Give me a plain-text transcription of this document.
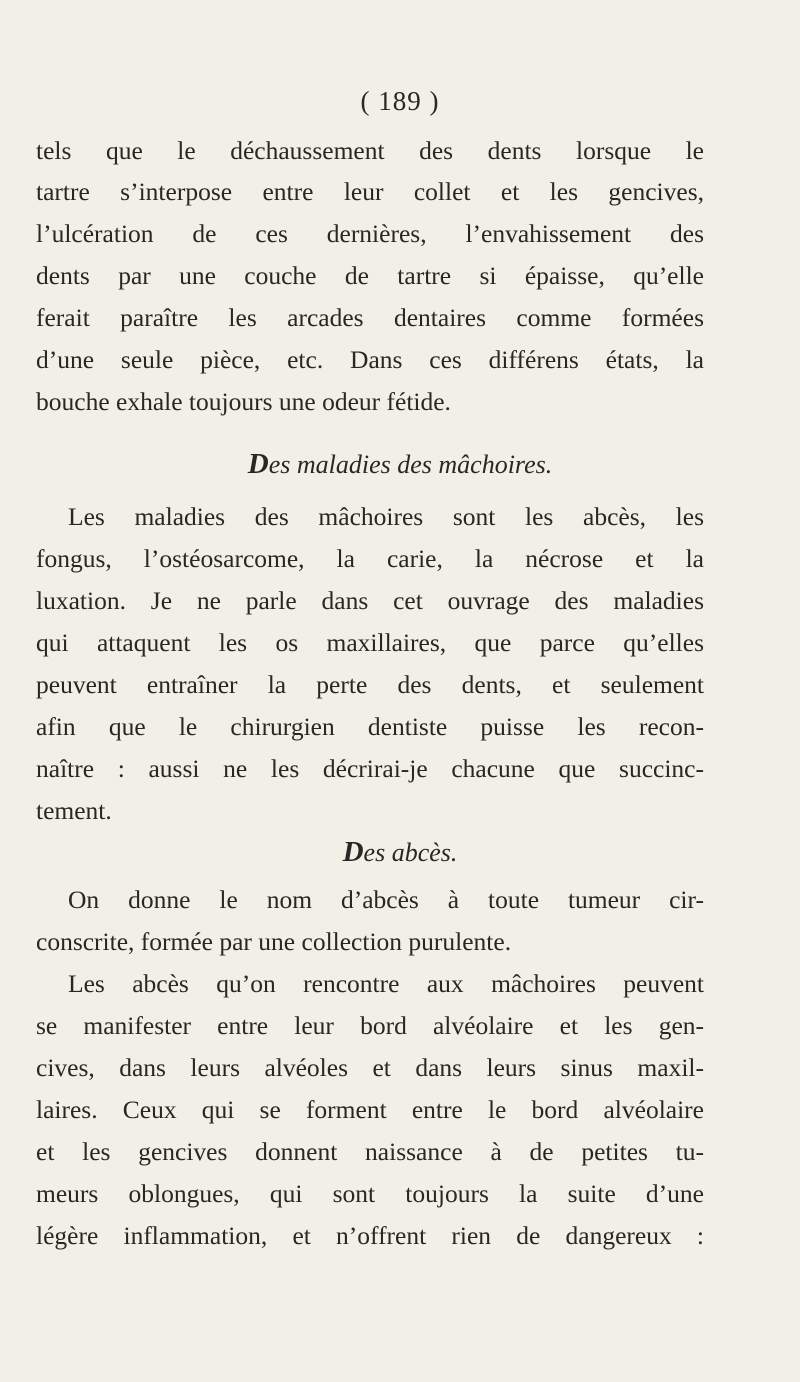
( 189 )
tels que le déchaussement des dents lorsque le
tartre s’interpose entre leur collet et les gencives,
l’ulcération de ces dernières, l’envahissement des
dents par une couche de tartre si épaisse, qu’elle
ferait paraître les arcades dentaires comme formées
d’une seule pièce, etc. Dans ces différens états, la
bouche exhale toujours une odeur fétide.
Des maladies des mâchoires.
Les maladies des mâchoires sont les abcès, les
fongus, l’ostéosarcome, la carie, la nécrose et la
luxation. Je ne parle dans cet ouvrage des maladies
qui attaquent les os maxillaires, que parce qu’elles
peuvent entraîner la perte des dents, et seulement
afin que le chirurgien dentiste puisse les recon-
naître : aussi ne les décrirai-je chacune que succinc-
tement.
Des abcès.
On donne le nom d’abcès à toute tumeur cir-
conscrite, formée par une collection purulente.
Les abcès qu’on rencontre aux mâchoires peuvent
se manifester entre leur bord alvéolaire et les gen-
cives, dans leurs alvéoles et dans leurs sinus maxil-
laires. Ceux qui se forment entre le bord alvéolaire
et les gencives donnent naissance à de petites tu-
meurs oblongues, qui sont toujours la suite d’une
légère inflammation, et n’offrent rien de dangereux :
